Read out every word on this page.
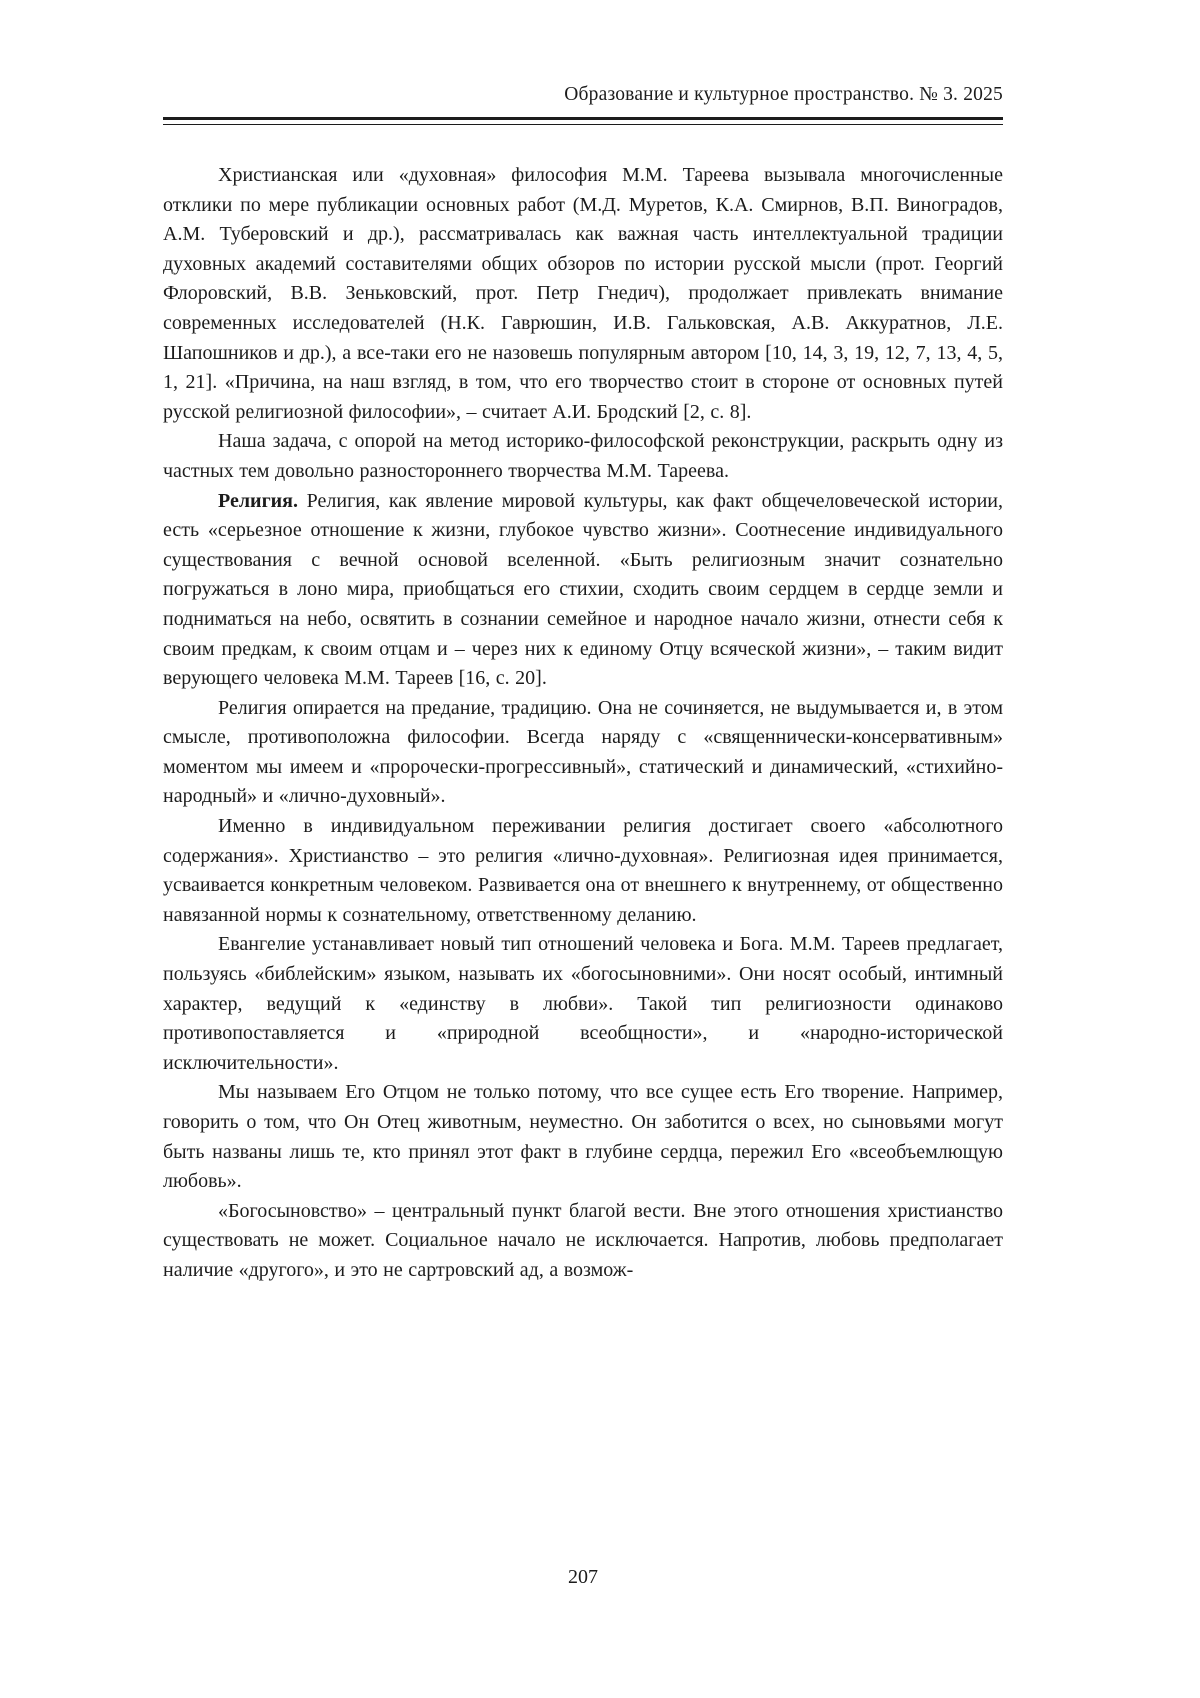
Образование и культурное пространство. № 3. 2025

Христианская или «духовная» философия М.М. Тареева вызывала многочисленные отклики по мере публикации основных работ (М.Д. Муретов, К.А. Смирнов, В.П. Виноградов, А.М. Туберовский и др.), рассматривалась как важная часть интеллектуальной традиции духовных академий составителями общих обзоров по истории русской мысли (прот. Георгий Флоровский, В.В. Зеньковский, прот. Петр Гнедич), продолжает привлекать внимание современных исследователей (Н.К. Гаврюшин, И.В. Гальковская, А.В. Аккуратнов, Л.Е. Шапошников и др.), а все-таки его не назовешь популярным автором [10, 14, 3, 19, 12, 7, 13, 4, 5, 1, 21]. «Причина, на наш взгляд, в том, что его творчество стоит в стороне от основных путей русской религиозной философии», – считает А.И. Бродский [2, с. 8].

Наша задача, с опорой на метод историко-философской реконструкции, раскрыть одну из частных тем довольно разностороннего творчества М.М. Тареева.

Религия. Религия, как явление мировой культуры, как факт общечеловеческой истории, есть «серьезное отношение к жизни, глубокое чувство жизни». Соотнесение индивидуального существования с вечной основой вселенной. «Быть религиозным значит сознательно погружаться в лоно мира, приобщаться его стихии, сходить своим сердцем в сердце земли и подниматься на небо, освятить в сознании семейное и народное начало жизни, отнести себя к своим предкам, к своим отцам и – через них к единому Отцу всяческой жизни», – таким видит верующего человека М.М. Тареев [16, с. 20].

Религия опирается на предание, традицию. Она не сочиняется, не выдумывается и, в этом смысле, противоположна философии. Всегда наряду с «священнически-консервативным» моментом мы имеем и «пророчески-прогрессивный», статический и динамический, «стихийно-народный» и «лично-духовный».

Именно в индивидуальном переживании религия достигает своего «абсолютного содержания». Христианство – это религия «лично-духовная». Религиозная идея принимается, усваивается конкретным человеком. Развивается она от внешнего к внутреннему, от общественно навязанной нормы к сознательному, ответственному деланию.

Евангелие устанавливает новый тип отношений человека и Бога. М.М. Тареев предлагает, пользуясь «библейским» языком, называть их «богосыновними». Они носят особый, интимный характер, ведущий к «единству в любви». Такой тип религиозности одинаково противопоставляется и «природной всеобщности», и «народно-исторической исключительности».

Мы называем Его Отцом не только потому, что все сущее есть Его творение. Например, говорить о том, что Он Отец животным, неуместно. Он заботится о всех, но сыновьями могут быть названы лишь те, кто принял этот факт в глубине сердца, пережил Его «всеобъемлющую любовь».

«Богосыновство» – центральный пункт благой вести. Вне этого отношения христианство существовать не может. Социальное начало не исключается. Напротив, любовь предполагает наличие «другого», и это не сартровский ад, а возмож-

207
